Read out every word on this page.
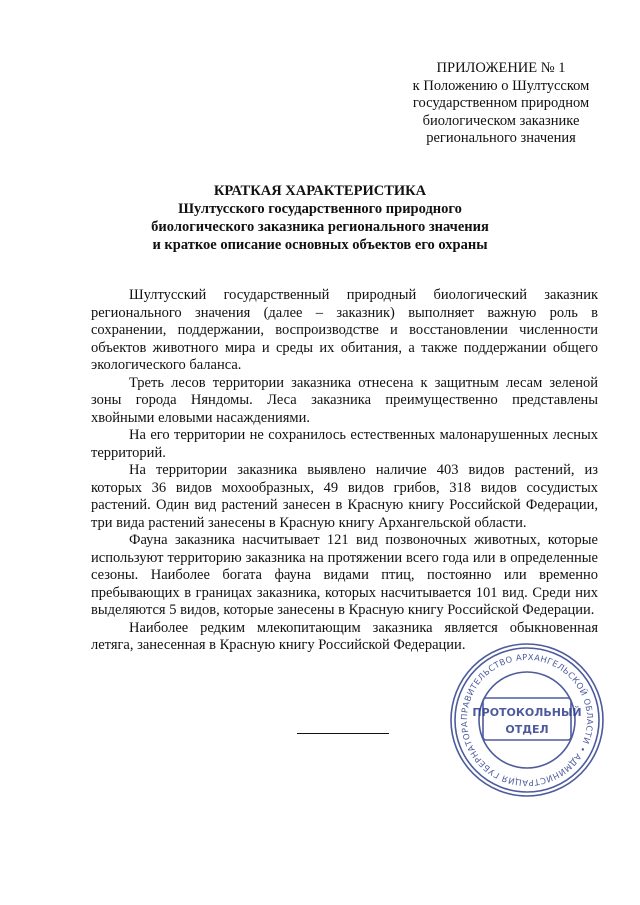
ПРИЛОЖЕНИЕ № 1
к Положению о Шултусском
государственном природном
биологическом заказнике
регионального значения
КРАТКАЯ ХАРАКТЕРИСТИКА
Шултусского государственного природного
биологического заказника регионального значения
и краткое описание основных объектов его охраны

Шултусский государственный природный биологический заказник регионального значения (далее – заказник) выполняет важную роль в сохранении, поддержании, воспроизводстве и восстановлении численности объектов животного мира и среды их обитания, а также поддержании общего экологического баланса.

Треть лесов территории заказника отнесена к защитным лесам зеленой зоны города Няндомы. Леса заказника преимущественно представлены хвойными еловыми насаждениями.

На его территории не сохранилось естественных малонарушенных лесных территорий.

На территории заказника выявлено наличие 403 видов растений, из которых 36 видов мохообразных, 49 видов грибов, 318 видов сосудистых растений. Один вид растений занесен в Красную книгу Российской Федерации, три вида растений занесены в Красную книгу Архангельской области.

Фауна заказника насчитывает 121 вид позвоночных животных, которые используют территорию заказника на протяжении всего года или в определенные сезоны. Наиболее богата фауна видами птиц, постоянно или временно пребывающих в границах заказника, которых насчитывается 101 вид. Среди них выделяются 5 видов, которые занесены в Красную книгу Российской Федерации.

Наиболее редким млекопитающим заказника является обыкновенная летяга, занесенная в Красную книгу Российской Федерации.

ПРАВИТЕЛЬСТВО АРХАНГЕЛЬСКОЙ ОБЛАСТИ • АДМИНИСТРАЦИЯ ГУБЕРНАТОРА
ПРОТОКОЛЬНЫЙ
ОТДЕЛ
